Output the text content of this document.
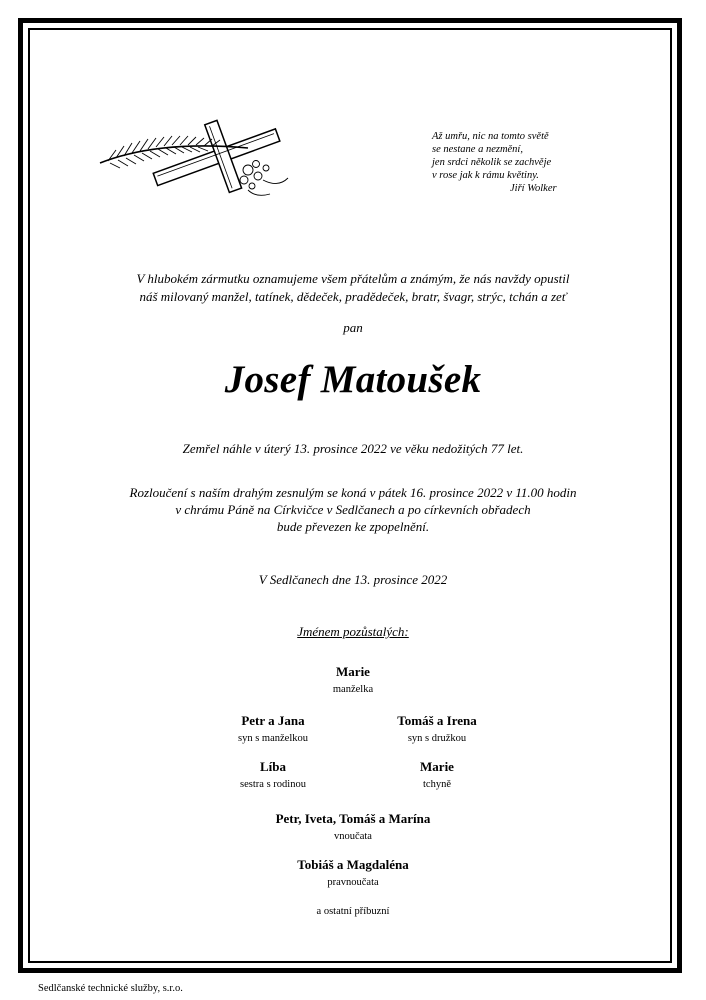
Až umřu, nic na tomto světě
se nestane a nezmění,
jen srdci několik se zachvěje
v rose jak k rámu květiny.

Jiří Wolker
V hlubokém zármutku oznamujeme všem přátelům a známým, že nás navždy opustil
náš milovaný manžel, tatínek, dědeček, pradědeček, bratr, švagr, strýc, tchán a zeť
pan
Josef Matoušek
Zemřel náhle v úterý 13. prosince 2022 ve věku nedožitých 77 let.
Rozloučení s naším drahým zesnulým se koná v pátek 16. prosince 2022 v 11.00 hodin
v chrámu Páně na Církvičce v Sedlčanech a po církevních obřadech
bude převezen ke zpopelnění.
V Sedlčanech dne 13. prosince 2022
Jménem pozůstalých:
Marie
manželka
Petr a Jana
syn s manželkou
Tomáš a Irena
syn s družkou
Líba
sestra s rodinou
Marie
tchyně
Petr, Iveta, Tomáš a Marína
vnoučata
Tobiáš a Magdaléna
pravnoučata
a ostatní příbuzní
Sedlčanské technické služby, s.r.o.
